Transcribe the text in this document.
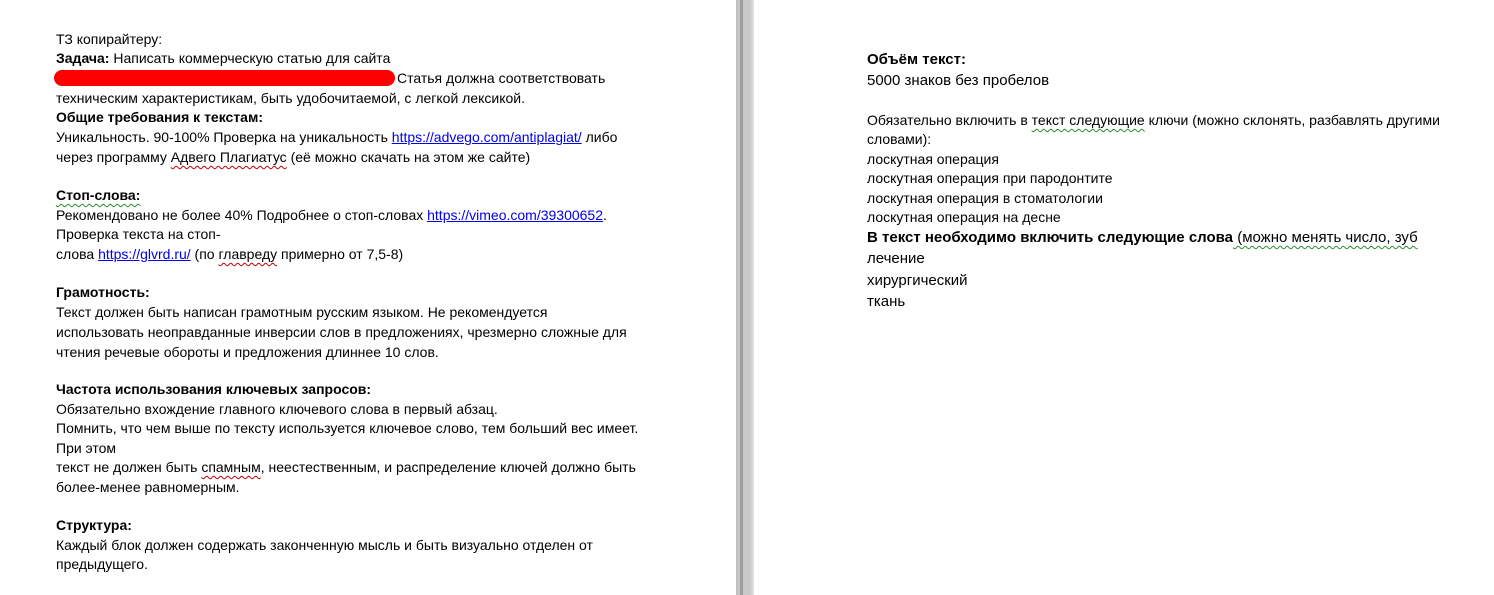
ТЗ копирайтеру:
Задача: Написать коммерческую статью для сайта
Статья должна соответствовать
техническим характеристикам, быть удобочитаемой, с легкой лексикой.
Общие требования к текстам:
Уникальность. 90-100% Проверка на уникальность https://advego.com/antiplagiat/ либо
через программу Адвего Плагиатус (её можно скачать на этом же сайте)
Стоп-слова:
Рекомендовано не более 40% Подробнее о стоп-словах https://vimeo.com/39300652.
Проверка текста на стоп-
слова https://glvrd.ru/ (по главреду примерно от 7,5-8)
Грамотность:
Текст должен быть написан грамотным русским языком. Не рекомендуется
использовать неоправданные инверсии слов в предложениях, чрезмерно сложные для
чтения речевые обороты и предложения длиннее 10 слов.
Частота использования ключевых запросов:
Обязательно вхождение главного ключевого слова в первый абзац.
Помнить, что чем выше по тексту используется ключевое слово, тем больший вес имеет.
При этом
текст не должен быть спамным, неестественным, и распределение ключей должно быть
более-менее равномерным.
Структура:
Каждый блок должен содержать законченную мысль и быть визуально отделен от
предыдущего.
Объём текст:
5000 знаков без пробелов
Обязательно включить в текст следующие ключи (можно склонять, разбавлять другими
словами):
лоскутная операция
лоскутная операция при пародонтите
лоскутная операция в стоматологии
лоскутная операция на десне
В текст необходимо включить следующие слова (можно менять число, зуб
лечение
хирургический
ткань
